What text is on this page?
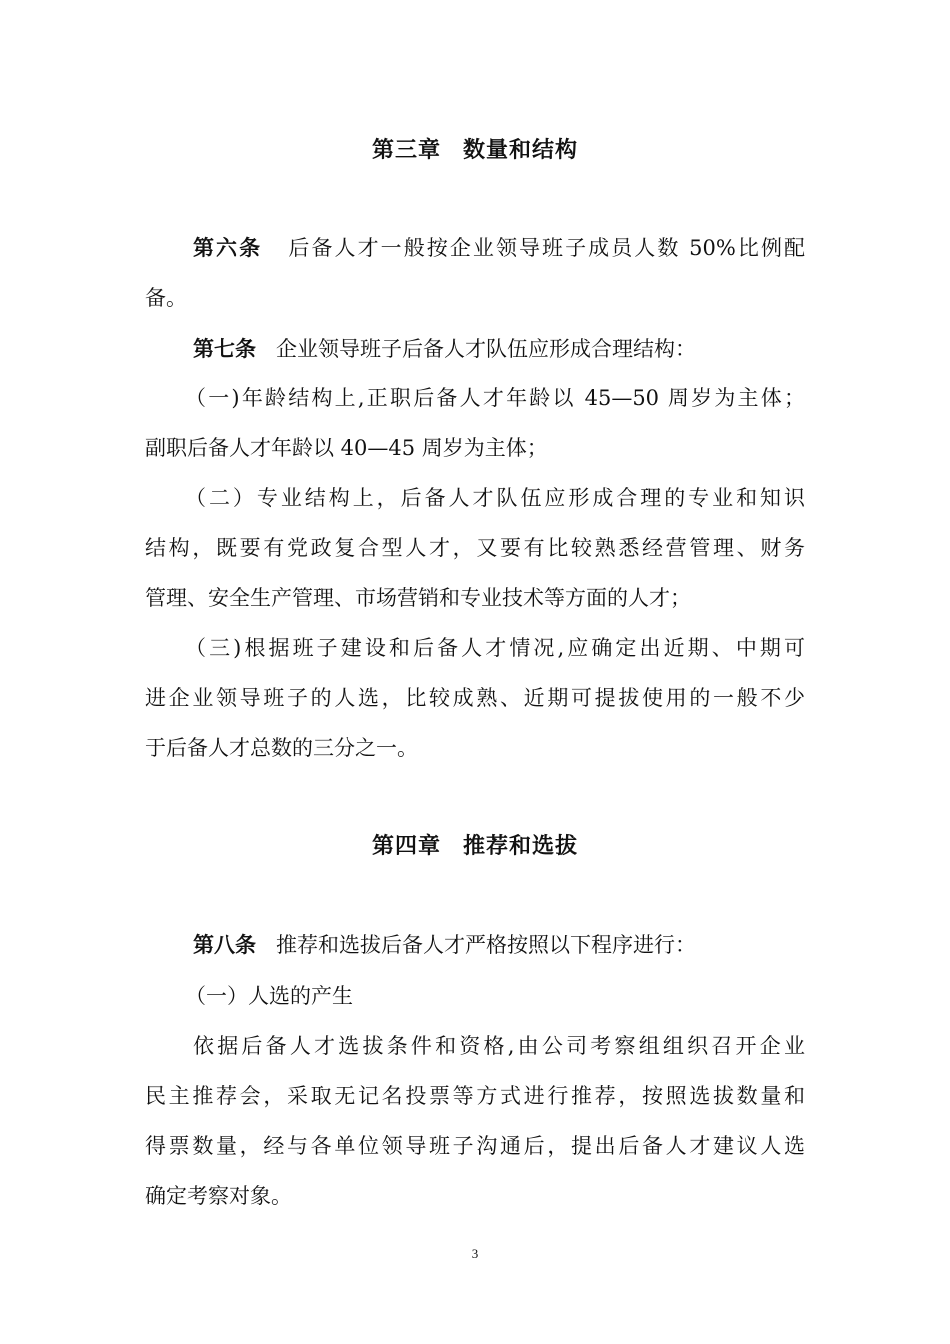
第三章 数量和结构
第六条 后备人才一般按企业领导班子成员人数 50%比例配
备。
第七条 企业领导班子后备人才队伍应形成合理结构：
（一)年龄结构上,正职后备人才年龄以 45—50 周岁为主体；
副职后备人才年龄以 40—45 周岁为主体；
（二）专业结构上，后备人才队伍应形成合理的专业和知识
结构，既要有党政复合型人才，又要有比较熟悉经营管理、财务
管理、安全生产管理、市场营销和专业技术等方面的人才；
（三)根据班子建设和后备人才情况,应确定出近期、中期可
进企业领导班子的人选，比较成熟、近期可提拔使用的一般不少
于后备人才总数的三分之一。
第四章 推荐和选拔
第八条 推荐和选拔后备人才严格按照以下程序进行：
（一）人选的产生
依据后备人才选拔条件和资格,由公司考察组组织召开企业
民主推荐会，采取无记名投票等方式进行推荐，按照选拔数量和
得票数量，经与各单位领导班子沟通后，提出后备人才建议人选
确定考察对象。
3
